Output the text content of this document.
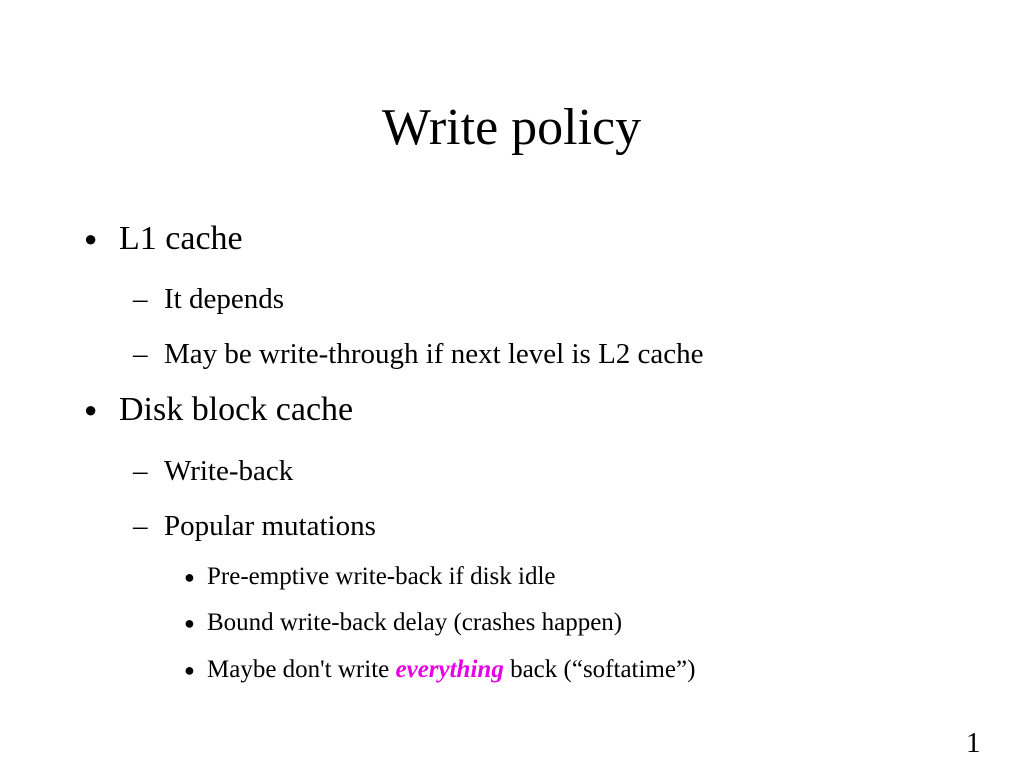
Write policy
● L1 cache
– It depends
– May be write-through if next level is L2 cache
● Disk block cache
– Write-back
– Popular mutations
● Pre-emptive write-back if disk idle
● Bound write-back delay (crashes happen)
● Maybe don't write everything back (“softatime”)
1
